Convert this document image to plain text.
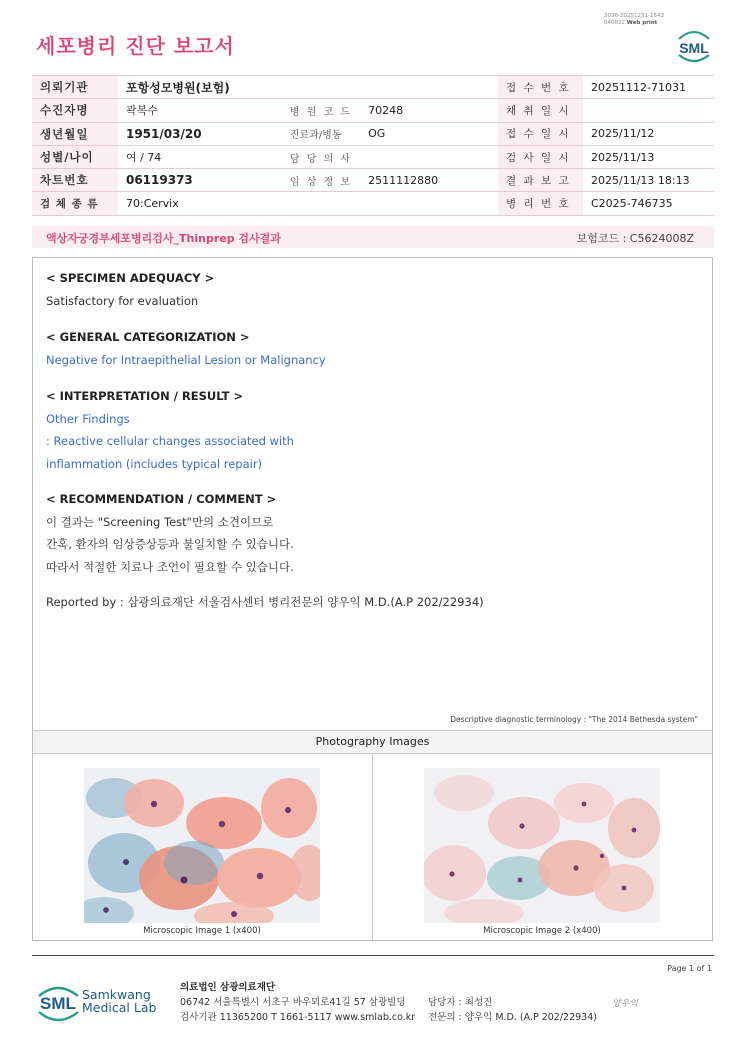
3036-20251231-1543
040822 Web print
세포병리 진단 보고서	SML
의뢰기관	포항성모병원(보험)			접 수 번 호	20251112-71031
수진자명	곽복수	병 원 코 드	70248	채 취 일 시	
생년월일	1951/03/20	진료과/병동	OG	접 수 일 시	2025/11/12
성별/나이	여 / 74	담 당 의 사		검 사 일 시	2025/11/13
차트번호	06119373	임 상 정 보	2511112880	결 과 보 고	2025/11/13 18:13
검 체 종 류	70:Cervix			병 리 번 호	C2025-746735
액상자궁경부세포병리검사_Thinprep 검사결과	보험코드 : C5624008Z
< SPECIMEN ADEQUACY >
Satisfactory for evaluation
< GENERAL CATEGORIZATION >
Negative for Intraepithelial Lesion or Malignancy
< INTERPRETATION / RESULT >
Other Findings
: Reactive cellular changes associated with
inflammation (includes typical repair)
< RECOMMENDATION / COMMENT >
이 결과는 "Screening Test"만의 소견이므로
간혹, 환자의 임상증상등과 불일치할 수 있습니다.
따라서 적절한 치료나 조언이 필요할 수 있습니다.
Reported by : 삼광의료재단 서울검사센터 병리전문의 양우익 M.D.(A.P 202/22934)
Descriptive diagnostic terminology : "The 2014 Bethesda system"
Photography Images
Microscopic Image 1 (x400)	Microscopic Image 2 (x400)
Page 1 of 1
SML Samkwang
Medical Lab
의료법인 삼광의료재단
06742 서울특별시 서초구 바우뫼로41길 57 삼광빌딩
검사기관 11365200 T 1661-5117 www.smlab.co.kr
담당자 : 최성진
전문의 : 양우익 M.D. (A.P 202/22934)
양우익
